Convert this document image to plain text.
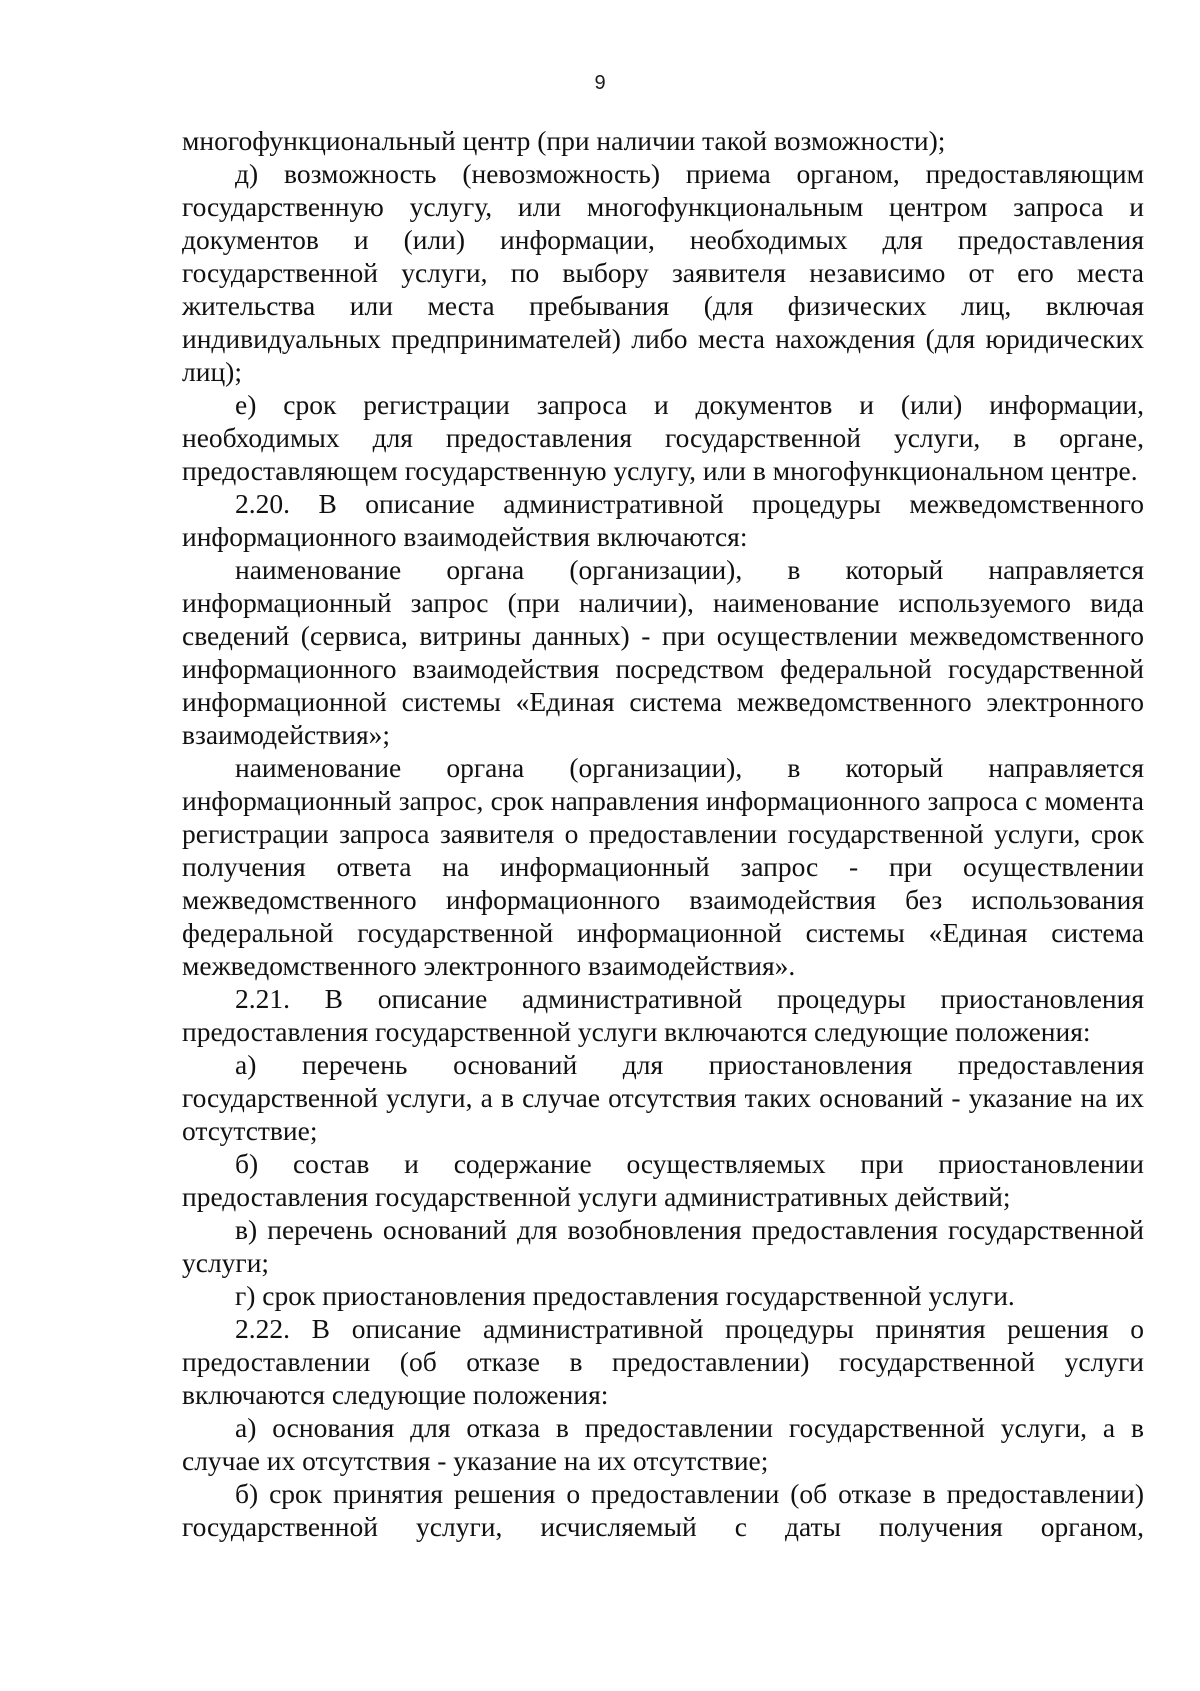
9

многофункциональный центр (при наличии такой возможности);

д) возможность (невозможность) приема органом, предоставляющим государственную услугу, или многофункциональным центром запроса и документов и (или) информации, необходимых для предоставления государственной услуги, по выбору заявителя независимо от его места жительства или места пребывания (для физических лиц, включая индивидуальных предпринимателей) либо места нахождения (для юридических лиц);

е) срок регистрации запроса и документов и (или) информации, необходимых для предоставления государственной услуги, в органе, предоставляющем государственную услугу, или в многофункциональном центре.

2.20. В описание административной процедуры межведомственного информационного взаимодействия включаются:

наименование органа (организации), в который направляется информационный запрос (при наличии), наименование используемого вида сведений (сервиса, витрины данных) - при осуществлении межведомственного информационного взаимодействия посредством федеральной государственной информационной системы «Единая система межведомственного электронного взаимодействия»;

наименование органа (организации), в который направляется информационный запрос, срок направления информационного запроса с момента регистрации запроса заявителя о предоставлении государственной услуги, срок получения ответа на информационный запрос - при осуществлении межведомственного информационного взаимодействия без использования федеральной государственной информационной системы «Единая система межведомственного электронного взаимодействия».

2.21. В описание административной процедуры приостановления предоставления государственной услуги включаются следующие положения:

а) перечень оснований для приостановления предоставления государственной услуги, а в случае отсутствия таких оснований - указание на их отсутствие;

б) состав и содержание осуществляемых при приостановлении предоставления государственной услуги административных действий;

в) перечень оснований для возобновления предоставления государственной услуги;

г) срок приостановления предоставления государственной услуги.

2.22. В описание административной процедуры принятия решения о предоставлении (об отказе в предоставлении) государственной услуги включаются следующие положения:

а) основания для отказа в предоставлении государственной услуги, а в случае их отсутствия - указание на их отсутствие;

б) срок принятия решения о предоставлении (об отказе в предоставлении) государственной услуги, исчисляемый с даты получения органом,
